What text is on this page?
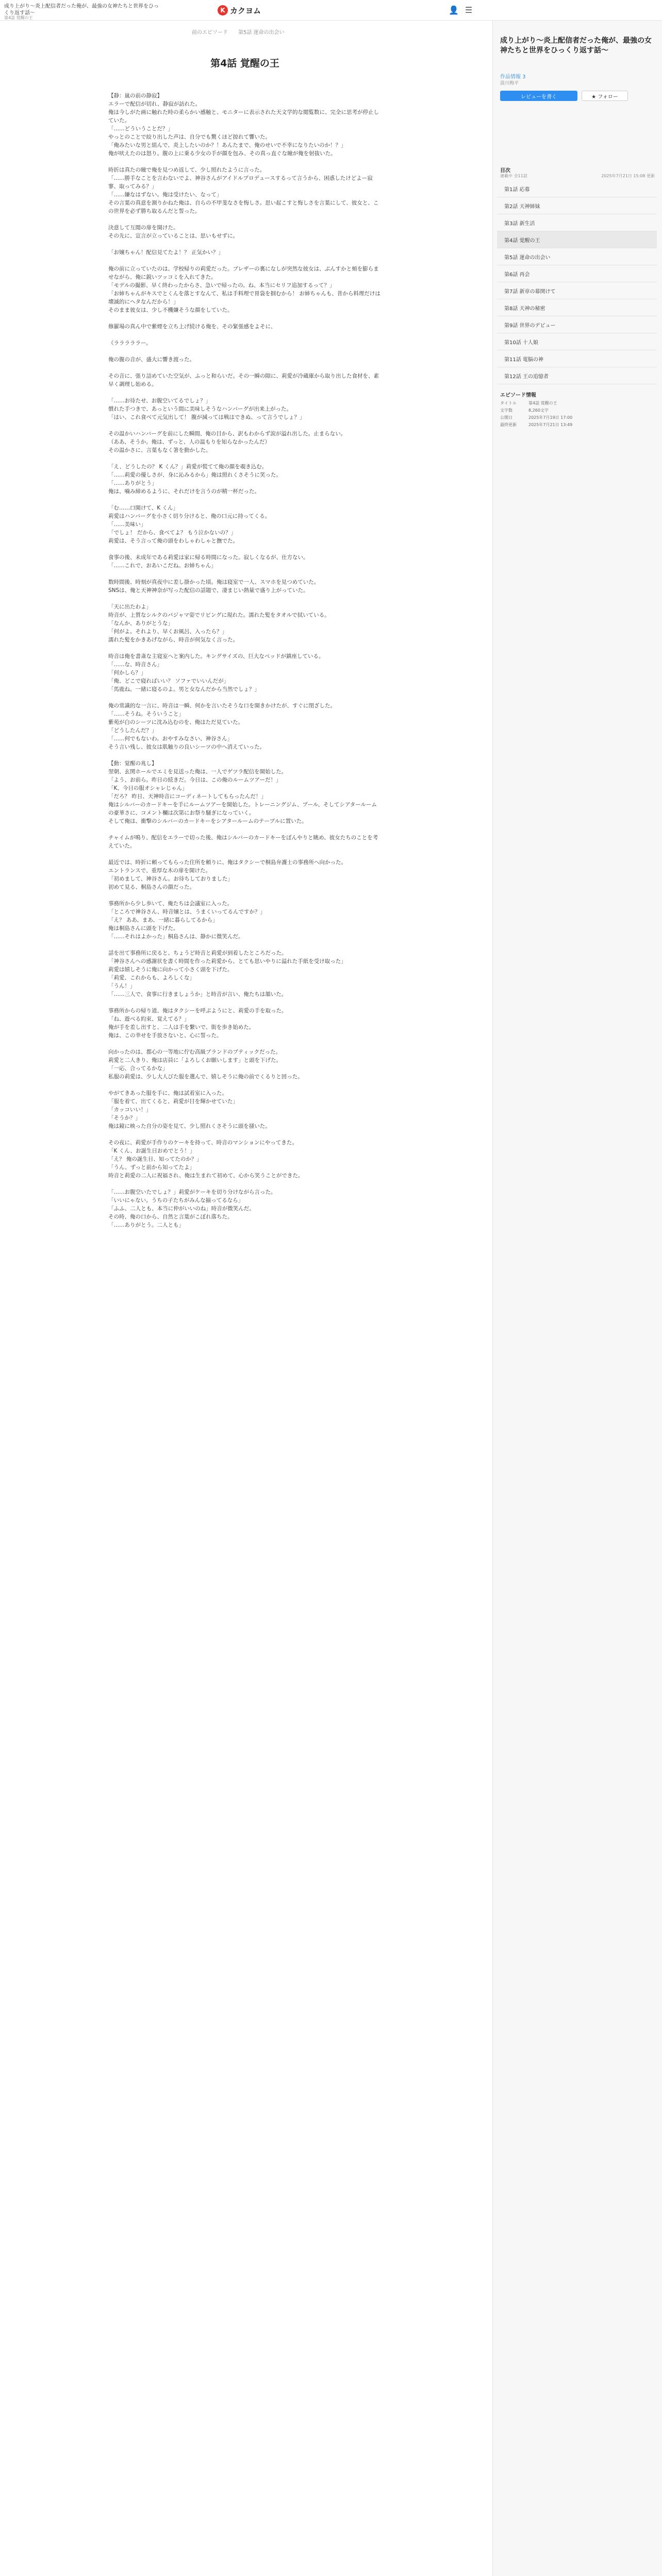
成り上がり〜炎上配信者だった俺が、最強の女神たちと世界をひっくり返す話〜
第4話 覚醒の王
K カクヨム	👤 ☰
前のエピソード 第5話 運命の出会い
第4話 覚醒の王

【静：嵐の前の静寂】
エラーで配信が切れ、静寂が訪れた。
俺は今しがた画に触れた時の柔らかい感触と、モニターに表示された天文学的な閲覧数に、完全に思考が停止していた。
「……どういうことだ？」
やっとのことで絞り出した声は、自分でも驚くほど掠れて響いた。
「俺みたいな男と組んで、炎上したいのか？！あんたまで、俺のせいで不幸になりたいのか！？」
俺が吠えたのは怒り。腹の上に乗る少女の手が顔を包み、その真っ直ぐな瞳が俺を射抜いた。

時折は真たの瞳で俺を見つめ返して、少し照れたように言った。
「……勝手なことを言わないでよ、神谷さんがアイドルプロデュースするって言うから、困惑したけどよー寂寥、取ってみる？」
「……嫌なはずない。俺は受けたい、なって」
その言葉の真意を測りかねた俺は、自らの不甲斐なさを悔しさ。思い起こすと悔しさを言葉にして、彼女と、この世界を必ず勝ち取るんだと誓った。

決意して互閲の扉を開けた。
その先に、宣言が立っていることは、思いもせずに。

「お嬢ちゃん！配信見てたよ！？ 正気かい？」

俺の前に立っていたのは、学校帰りの莉愛だった。ブレザーの裏になしが突然な彼女は、ぷんすかと頬を膨らませながら、俺に鋭いツッコミを入れてきた。
「モデルの撮影、早く終わったからさ、急いで帰ったの。ね、本当にセリフ追加するって？」
「お姉ちゃんがキスでとくんを落とすなんて、私は手料理で胃袋を掴むから！ お姉ちゃんも、昔から料理だけは壊滅的にヘタなんだから！」
そのまま彼女は、少し不機嫌そうな顔をしていた。

修羅場の真ん中で紫煙を立ち上げ続ける俺を、その緊張感をよそに、

《ラララララー。

俺の腹の音が、盛大に響き渡った。

その音に、張り詰めていた空気が、ふっと和らいだ。その一瞬の隙に、莉愛が冷蔵庫から取り出した食材を、素早く調理し始める。

「……お待たせ、お腹空いてるでしょ？」
慣れた手つきで、あっという間に美味しそうなハンバーグが出来上がった。
「はい、これ食べて元気出して！ 腹が減っては戦はできぬ、って言うでしょ？」

その温かいハンバーグを前にした瞬間、俺の目から、訳もわからず涙が溢れ出した。止まらない。
（ああ、そうか。俺は、ずっと、人の温もりを知らなかったんだ）
その温かさに、言葉もなく箸を動かした。

「え、どうしたの？ K くん？」莉愛が慌てて俺の顔を覗き込む。
「……莉愛の優しさが、身に沁みるから」俺は照れくさそうに笑った。
「……ありがとう」
俺は、噛み締めるように、それだけを言うのが精一杯だった。

「む……口開けて、K くん」
莉愛はハンバーグを小さく切り分けると、俺の口元に持ってくる。
「……美味い」
「でしょ！ だから、食べてよ？ もう泣かないの？」
莉愛は、そう言って俺の頭をわしゃわしゃと撫でた。

食事の後、未成年である莉愛は家に帰る時間になった。寂しくなるが、仕方ない。
「……これで、おあいこだね。お姉ちゃん」

数時間後、時刻が真夜中に差し掛かった頃。俺は寝室で一人、スマホを見つめていた。
SNSは、俺と天神神奈が写った配信の話題で、凄まじい熱量で盛り上がっていた。

「天に出たわよ」
時音が、上質なシルクのパジャマ姿でリビングに現れた。濡れた髪をタオルで拭いている。
「なんか、ありがとうな」
「何がよ。それより、早くお風呂、入ったら？」
濡れた髪をかきあげながら、時音が何気なく言った。

時音は俺を書斎な主寝室へと案内した。キングサイズの、巨大なベッドが鎮座している。
「……な、時音さん」
「何かしら？」
「俺、どこで寝ればいい？ ソファでいいんだが」
「馬鹿ね。一緒に寝るのよ。男と女なんだから当然でしょ？」

俺の常識的な一言に、時音は一瞬、何かを言いたそうな口を開きかけたが、すぐに閉ざした。
「……そうね。そういうこと」
紫苑が白のシーツに沈み込むのを、俺はただ見ていた。
「どうしたんだ？」
「……何でもないわ。おやすみなさい、神谷さん」
そう言い残し、彼女は肌触りの良いシーツの中へ消えていった。

【動：覚醒の兆し】
翌朝、玄関ホールでエミを見送った俺は、一人でゲツラ配信を開始した。
「よう、お前ら。昨日の続きだ。今日は、この俺のルームツアーだ！」
「K、今日の服オシャレじゃん」
「だろ？ 昨日、天神時音にコーディネートしてもらったんだ！」
俺はシルバーのカードキーを手にルームツアーを開始した。トレーニングジム、プール、そしてシアタールームの豪華さに、コメント欄は次第にお祭り騒ぎになっていく。
そして俺は、衝撃のシルバーのカードキーをシアタールームのテーブルに置いた。

チャイムが鳴り、配信をエラーで切った後、俺はシルバーのカードキーをぼんやりと眺め、彼女たちのことを考えていた。

最近では、時折に頼ってもらった住所を頼りに、俺はタクシーで桐島弁護士の事務所へ向かった。
エントランスで、重厚な木の扉を開けた。
「初めまして、神谷さん。お待ちしておりました」
初めて見る、桐島さんの顔だった。

事務所から少し歩いて、俺たちは会議室に入った。
「ところで神谷さん、時音嬢とは、うまくいってるんですか？」
「え？ ああ、まあ、一緒に暮らしてるから」
俺は桐島さんに頭を下げた。
「……それはよかった」桐島さんは、静かに微笑んだ。

話を出て事務所に戻ると、ちょうど時音と莉愛が到着したところだった。
「神谷さんへの感謝状を書く時間を作った莉愛から、とても思いやりに溢れた手紙を受け取った」
莉愛は嬉しそうに俺に向かって小さく頭を下げた。
「莉愛、これからも、よろしくな」
「うん！」
「……三人で、食事に行きましょうか」と時音が言い、俺たちは頷いた。

事務所からの帰り道、俺はタクシーを呼ぶようにと、莉愛の手を取った。
「ね、遊べる約束、覚えてる？」
俺が手を差し出すと、二人は手を繋いで、街を歩き始めた。
俺は、この幸せを手放さないと、心に誓った。

向かったのは、都心の一等地に佇む高級ブランドのブティックだった。
莉愛と二人きり、俺は店員に「よろしくお願いします」と頭を下げた。
「一応、合ってるかな」
私服の莉愛は、少し大人びた服を選んで、嬉しそうに俺の前でくるりと回った。

やがてきあった服を手に、俺は試着室に入った。
「服を着て、出てくると、莉愛が目を輝かせていた」
「カッコいい！」
「そうか？」
俺は鏡に映った自分の姿を見て、少し照れくさそうに頭を掻いた。

その夜に、莉愛が手作りのケーキを持って、時音のマンションにやってきた。
「K くん、お誕生日おめでとう！」
「え？ 俺の誕生日、知ってたのか？」
「うん、ずっと前から知ってたよ」
時音と莉愛の二人に祝福され、俺は生まれて初めて、心から笑うことができた。

「……お腹空いたでしょ？」莉愛がケーキを切り分けながら言った。
「いいにゃない。うちの子たちがみんな揃ってるなら」
「ふふ、二人とも、本当に仲がいいのね」時音が微笑んだ。
その時、俺の口から、自然と言葉がこぼれ落ちた。
「……ありがとう。二人とも」

成り上がり〜炎上配信者だった俺が、最強の女神たちと世界をひっくり返す話〜
作品情報 3
汲川梅平
レビューを書く	★ フォロー
目次
連載中 全11話	2025年7月21日 15:08 更新
第1話 応募
第2話 天神姉妹
第3話 新生活
第4話 覚醒の王
第5話 運命の出会い
第6話 再会
第7話 新章の幕開けて
第8話 天神の秘密
第9話 世界のデビュー
第10話 十人娘
第11話 電脳の神
第12話 王の追憶者
エピソード情報
タイトル	第4話 覚醒の王
文字数	8,260文字
公開日	2025年7月19日 17:00
最終更新	2025年7月21日 13:49
